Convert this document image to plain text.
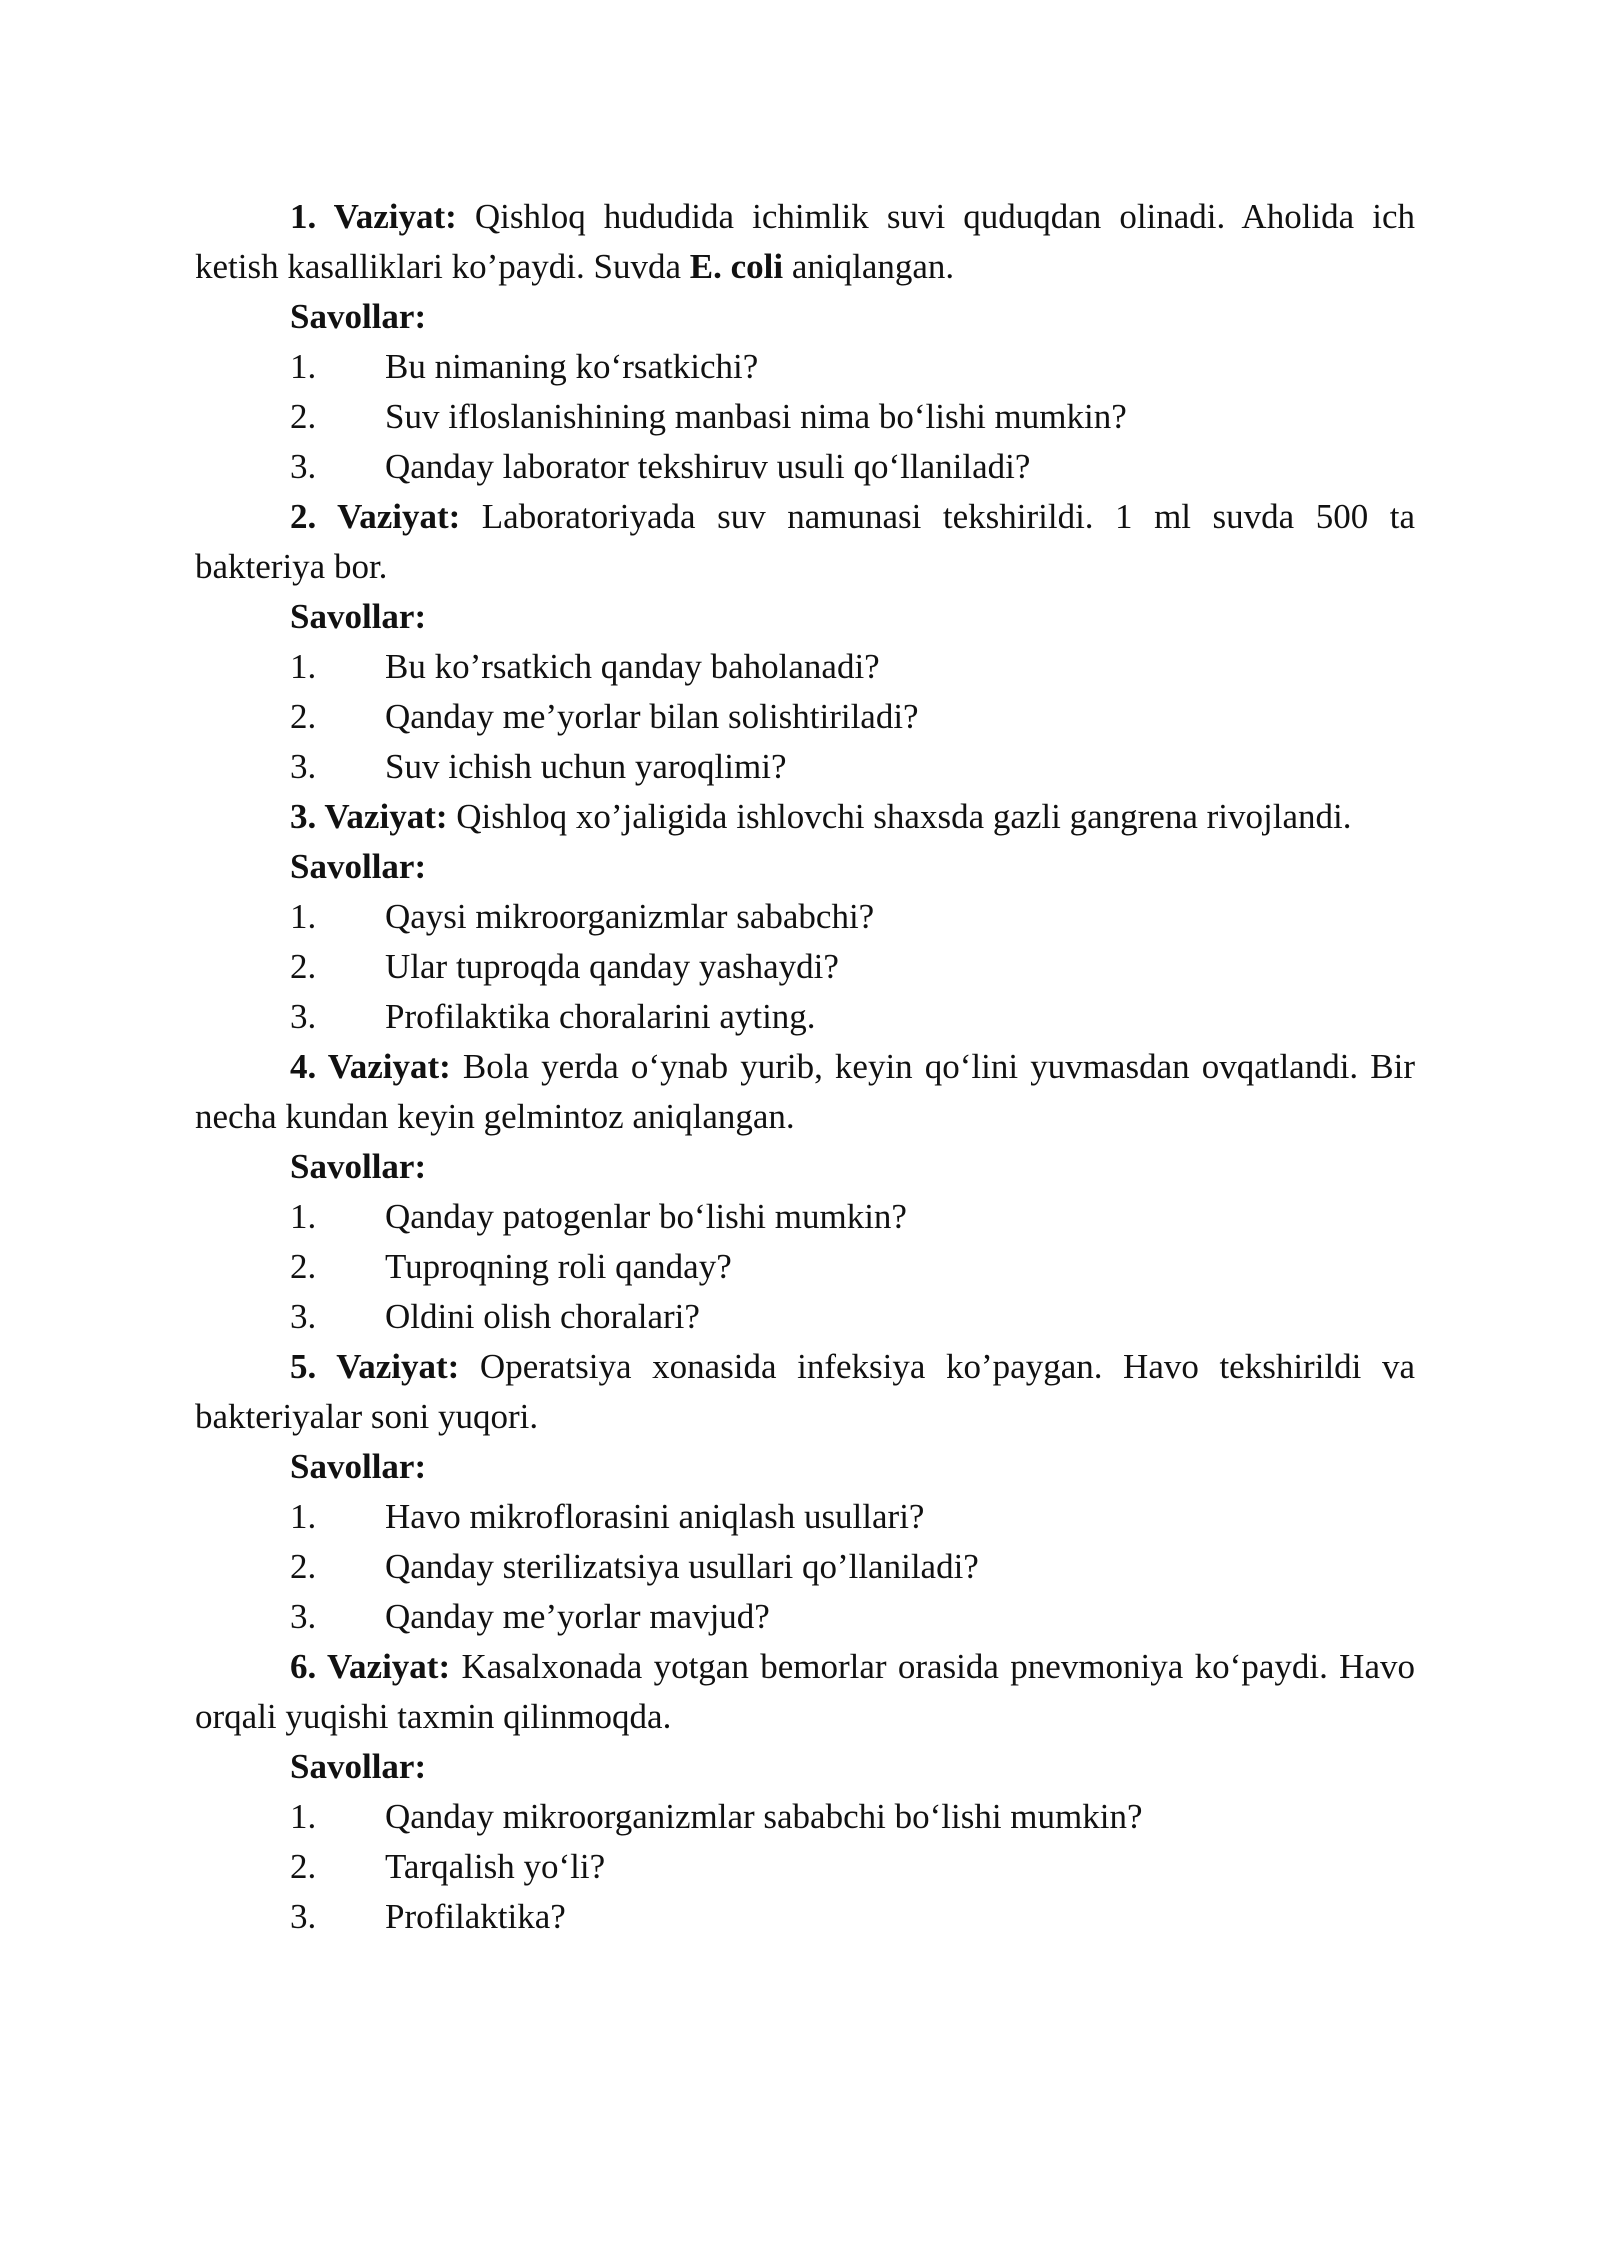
1. Vaziyat: Qishloq hududida ichimlik suvi quduqdan olinadi. Aholida ich ketish kasalliklari ko’paydi. Suvda E. coli aniqlangan.

Savollar:

1.	Bu nimaning ko‘rsatkichi?
2.	Suv ifloslanishining manbasi nima bo‘lishi mumkin?
3.	Qanday laborator tekshiruv usuli qo‘llaniladi?

2. Vaziyat: Laboratoriyada suv namunasi tekshirildi. 1 ml suvda 500 ta bakteriya bor.

Savollar:

1.	Bu ko’rsatkich qanday baholanadi?
2.	Qanday me’yorlar bilan solishtiriladi?
3.	Suv ichish uchun yaroqlimi?

3. Vaziyat: Qishloq xo’jaligida ishlovchi shaxsda gazli gangrena rivojlandi.

Savollar:

1.	Qaysi mikroorganizmlar sababchi?
2.	Ular tuproqda qanday yashaydi?
3.	Profilaktika choralarini ayting.

4. Vaziyat: Bola yerda o‘ynab yurib, keyin qo‘lini yuvmasdan ovqatlandi. Bir necha kundan keyin gelmintoz aniqlangan.

Savollar:

1.	Qanday patogenlar bo‘lishi mumkin?
2.	Tuproqning roli qanday?
3.	Oldini olish choralari?

5. Vaziyat: Operatsiya xonasida infeksiya ko’paygan. Havo tekshirildi va bakteriyalar soni yuqori.

Savollar:

1.	Havo mikroflorasini aniqlash usullari?
2.	Qanday sterilizatsiya usullari qo’llaniladi?
3.	Qanday me’yorlar mavjud?

6. Vaziyat: Kasalxonada yotgan bemorlar orasida pnevmoniya ko‘paydi. Havo orqali yuqishi taxmin qilinmoqda.

Savollar:

1.	Qanday mikroorganizmlar sababchi bo‘lishi mumkin?
2.	Tarqalish yo‘li?
3.	Profilaktika?
